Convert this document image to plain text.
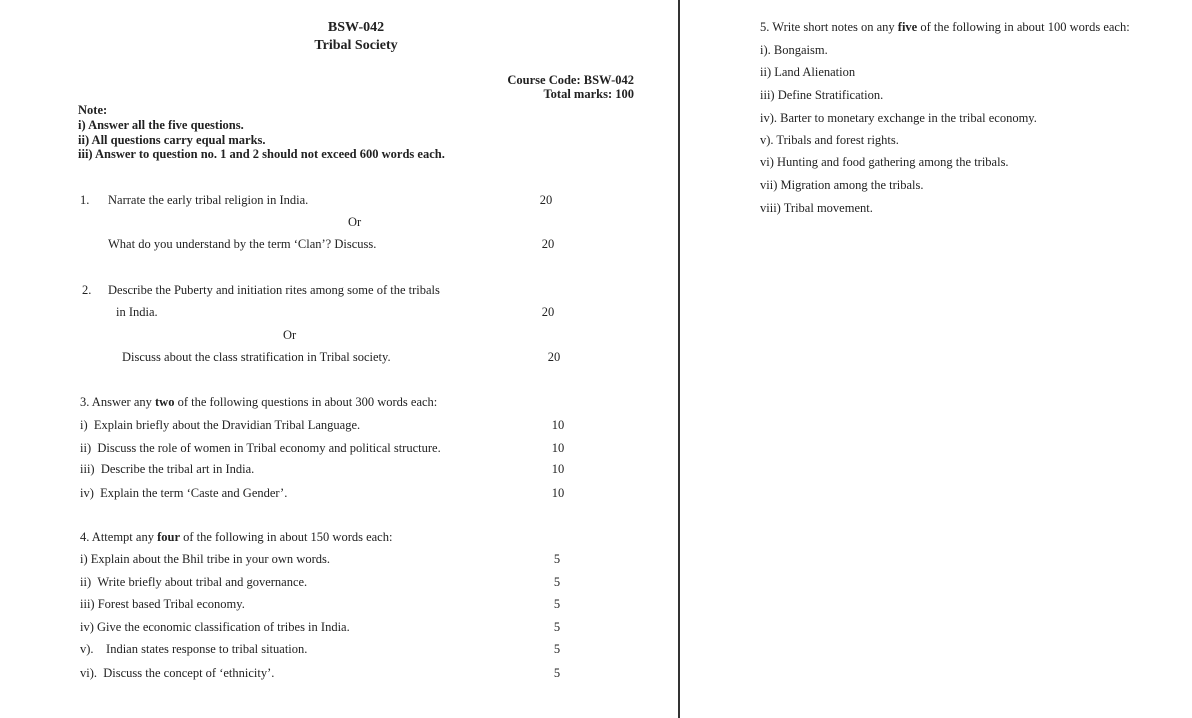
BSW-042
Tribal Society
Course Code: BSW-042
Total marks: 100
Note:
i) Answer all the five questions.
ii) All questions carry equal marks.
iii) Answer to question no. 1 and 2 should not exceed 600 words each.
1. Narrate the early tribal religion in India.	20
Or
What do you understand by the term ‘Clan’? Discuss.	20
2. Describe the Puberty and initiation rites among some of the tribals
in India.	20
Or
Discuss about the class stratification in Tribal society.	20
3. Answer any two of the following questions in about 300 words each:
i) Explain briefly about the Dravidian Tribal Language.	10
ii) Discuss the role of women in Tribal economy and political structure.	10
iii) Describe the tribal art in India.	10
iv) Explain the term ‘Caste and Gender’.	10
4. Attempt any four of the following in about 150 words each:
i) Explain about the Bhil tribe in your own words.	5
ii) Write briefly about tribal and governance.	5
iii) Forest based Tribal economy.	5
iv) Give the economic classification of tribes in India.	5
v). Indian states response to tribal situation.	5
vi). Discuss the concept of ‘ethnicity’.	5
5. Write short notes on any five of the following in about 100 words each:
i). Bongaism.
ii) Land Alienation
iii) Define Stratification.
iv). Barter to monetary exchange in the tribal economy.
v). Tribals and forest rights.
vi) Hunting and food gathering among the tribals.
vii) Migration among the tribals.
viii) Tribal movement.
